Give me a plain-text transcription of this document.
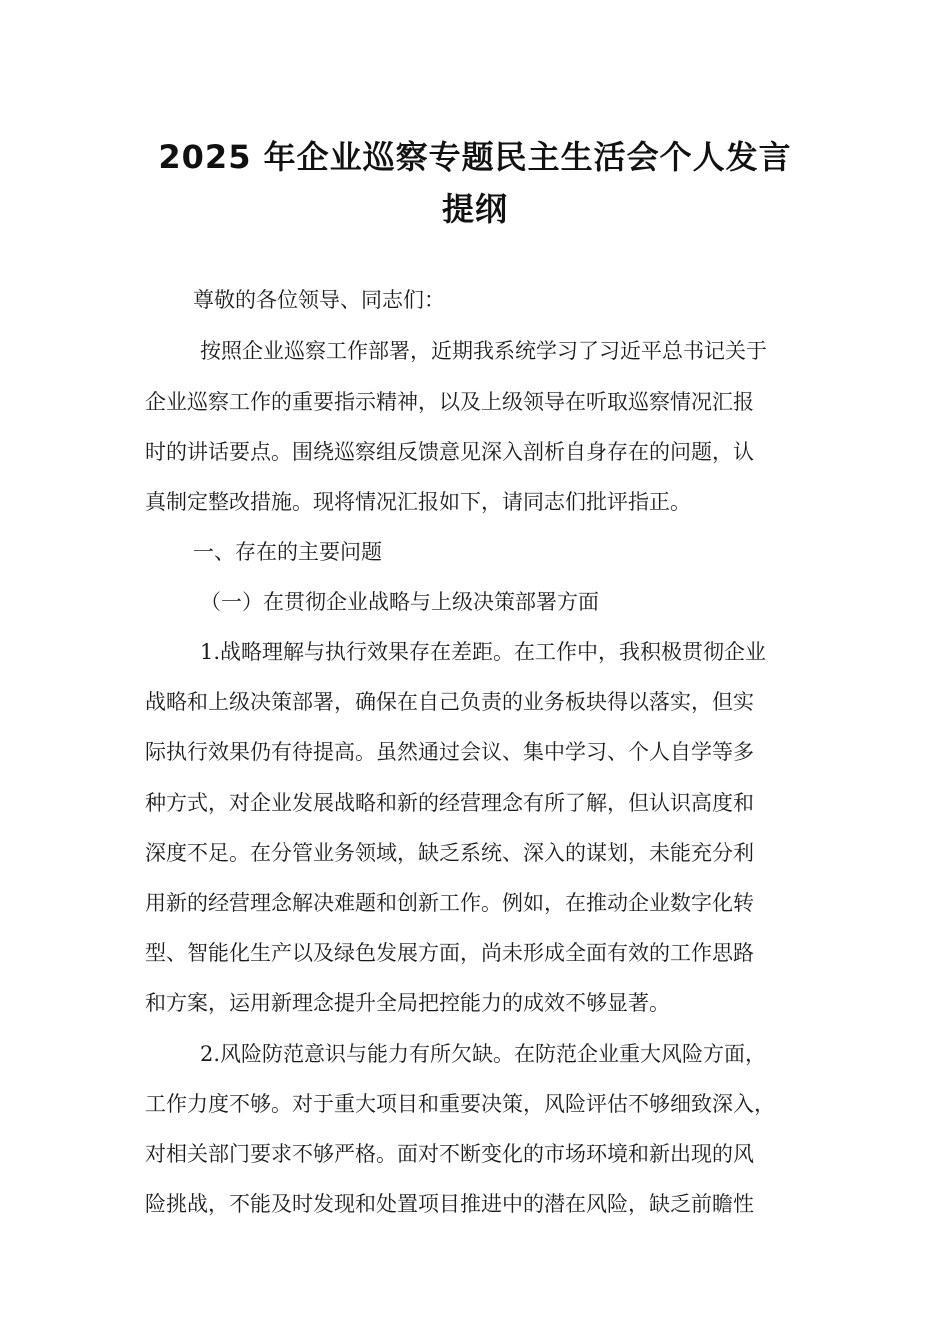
2025 年企业巡察专题民主生活会个人发言
提纲

尊敬的各位领导、同志们：

按照企业巡察工作部署，近期我系统学习了习近平总书记关于

企业巡察工作的重要指示精神，以及上级领导在听取巡察情况汇报

时的讲话要点。围绕巡察组反馈意见深入剖析自身存在的问题，认

真制定整改措施。现将情况汇报如下，请同志们批评指正。

一、存在的主要问题

（一）在贯彻企业战略与上级决策部署方面

1.战略理解与执行效果存在差距。在工作中，我积极贯彻企业

战略和上级决策部署，确保在自己负责的业务板块得以落实，但实

际执行效果仍有待提高。虽然通过会议、集中学习、个人自学等多

种方式，对企业发展战略和新的经营理念有所了解，但认识高度和

深度不足。在分管业务领域，缺乏系统、深入的谋划，未能充分利

用新的经营理念解决难题和创新工作。例如，在推动企业数字化转

型、智能化生产以及绿色发展方面，尚未形成全面有效的工作思路

和方案，运用新理念提升全局把控能力的成效不够显著。

2.风险防范意识与能力有所欠缺。在防范企业重大风险方面，

工作力度不够。对于重大项目和重要决策，风险评估不够细致深入，

对相关部门要求不够严格。面对不断变化的市场环境和新出现的风

险挑战，不能及时发现和处置项目推进中的潜在风险，缺乏前瞻性
